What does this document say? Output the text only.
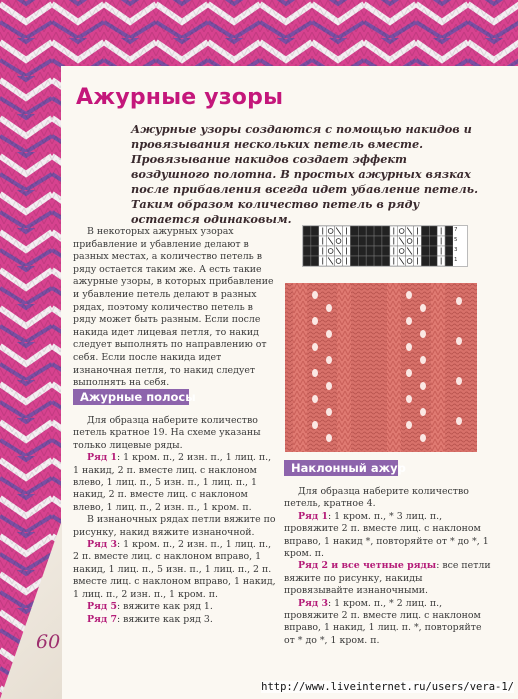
Ажурные узоры

Ажурные узоры создаются с помощью накидов и провязывания нескольких петель вместе. Провязывание накидов создает эффект воздушного полотна. В простых ажурных вязках после прибавления всегда идет убавление петель. Таким образом количество петель в ряду остается одинаковым.

В некоторых ажурных узорах прибавление и убавление делают в разных местах, а количество петель в ряду остается таким же. А есть такие ажурные узоры, в которых прибавление и убавление петель делают в разных рядах, поэтому количество петель в ряду может быть разным. Если после накида идет лицевая петля, то накид следует выполнять по направлению от себя. Если после накида идет изнаночная петля, то накид следует выполнять на себя.

7
5
3
1
Ажурные полосы

Для образца наберите количество петель кратное 19. На схеме указаны только лицевые ряды.

Ряд 1: 1 кром. п., 2 изн. п., 1 лиц. п., 1 накид, 2 п. вместе лиц. с наклоном влево, 1 лиц. п., 5 изн. п., 1 лиц. п., 1 накид, 2 п. вместе лиц. с наклоном влево, 1 лиц. п., 2 изн. п., 1 кром. п.

В изнаночных рядах петли вяжите по рисунку, накид вяжите изнаночной.

Ряд 3: 1 кром. п., 2 изн. п., 1 лиц. п., 2 п. вместе лиц. с наклоном вправо, 1 накид, 1 лиц. п., 5 изн. п., 1 лиц. п., 2 п. вместе лиц. с наклоном вправо, 1 накид, 1 лиц. п., 2 изн. п., 1 кром. п.

Ряд 5: вяжите как ряд 1.

Ряд 7: вяжите как ряд 3.

Наклонный ажур

Для образца наберите количество петель, кратное 4.

Ряд 1: 1 кром. п., * 3 лиц. п., провяжите 2 п. вместе лиц. с наклоном вправо, 1 накид *, повторяйте от * до *, 1 кром. п.

Ряд 2 и все четные ряды: все петли вяжите по рисунку, накиды провязывайте изнаночными.

Ряд 3: 1 кром. п., * 2 лиц. п., провяжите 2 п. вместе лиц. с наклоном вправо, 1 накид, 1 лиц. п. *, повторяйте от * до *, 1 кром. п.

60
http://www.liveinternet.ru/users/vera-1/
